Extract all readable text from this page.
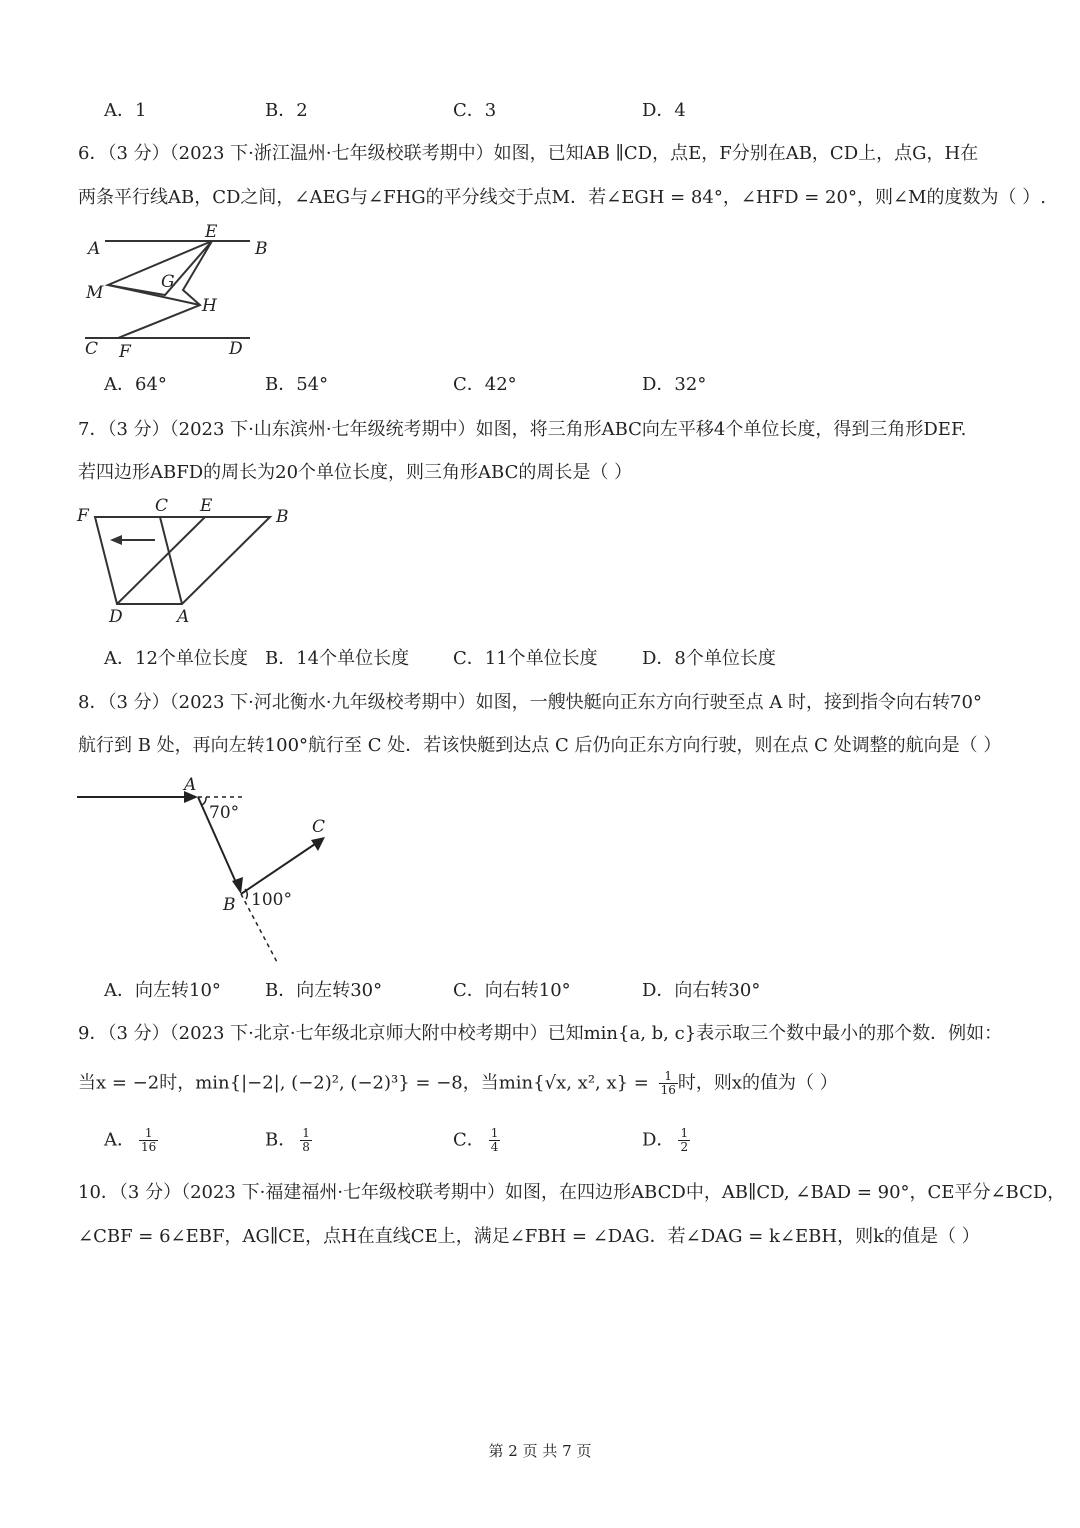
A．1	B．2	C．3	D．4
6．（3 分）（2023 下·浙江温州·七年级校联考期中）如图，已知AB ∥CD，点E，F分别在AB，CD上，点G，H在
两条平行线AB，CD之间，∠AEG与∠FHG的平分线交于点M．若∠EGH = 84°，∠HFD = 20°，则∠M的度数为（ ）.
A
E
B
M
G
H
C F	D
A．64°	B．54°	C．42°	D．32°
7．（3 分）（2023 下·山东滨州·七年级统考期中）如图，将三角形ABC向左平移4个单位长度，得到三角形DEF.
若四边形ABFD的周长为20个单位长度，则三角形ABC的周长是（ ）
F	C E
B
D	A
A．12个单位长度 B．14个单位长度 C．11个单位长度 D．8个单位长度
8．（3 分）（2023 下·河北衡水·九年级校考期中）如图，一艘快艇向正东方向行驶至点 A 时，接到指令向右转70°
航行到 B 处，再向左转100°航行至 C 处．若该快艇到达点 C 后仍向正东方向行驶，则在点 C 处调整的航向是（ ）
A
70°
C
B 100°
A．向左转10° B．向左转30°	C．向右转10°	D．向右转30°
9．（3 分）（2023 下·北京·七年级北京师大附中校考期中）已知min{a, b, c}表示取三个数中最小的那个数．例如：
当x = −2时，min{|−2|, (−2)², (−2)³} = −8，当min{√x, x², $x\} = \frac{1}{16}$ 时，则x的值为（ ）
A． $\frac{1}{16}$	B． $\frac{1}{8}$	C． $\frac{1}{4}$	D． $\frac{1}{2}$
10．（3 分）（2023 下·福建福州·七年级校联考期中）如图，在四边形ABCD中，AB∥CD, ∠BAD = 90°，CE平分∠BCD，
∠CBF = 6∠EBF，AG∥CE，点H在直线CE上，满足∠FBH = ∠DAG．若∠DAG = k∠EBH，则k的值是（ ）
第 2 页 共 7 页
